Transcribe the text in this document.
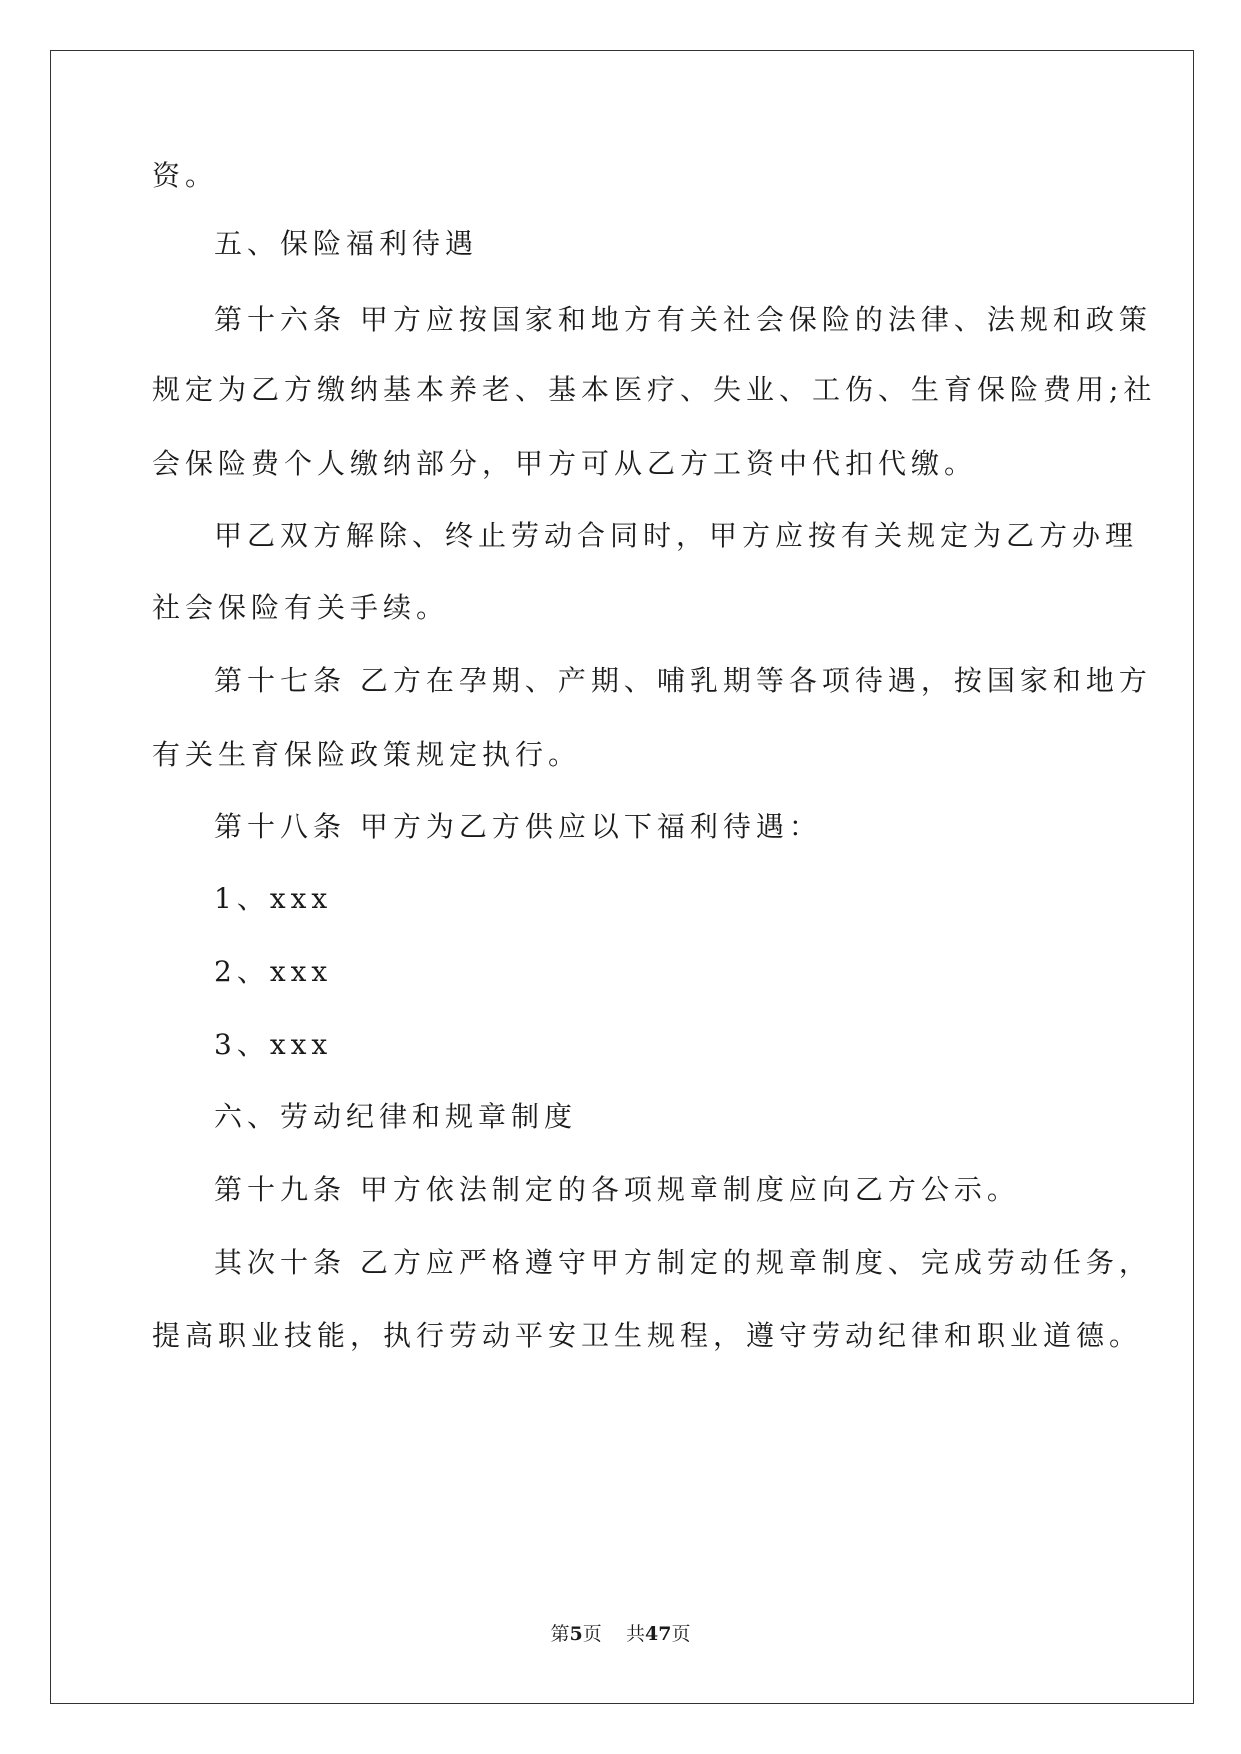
资。
五、保险福利待遇
第十六条 甲方应按国家和地方有关社会保险的法律、法规和政策
规定为乙方缴纳基本养老、基本医疗、失业、工伤、生育保险费用;社
会保险费个人缴纳部分，甲方可从乙方工资中代扣代缴。
甲乙双方解除、终止劳动合同时，甲方应按有关规定为乙方办理
社会保险有关手续。
第十七条 乙方在孕期、产期、哺乳期等各项待遇，按国家和地方
有关生育保险政策规定执行。
第十八条 甲方为乙方供应以下福利待遇：
1、xxx
2、xxx
3、xxx
六、劳动纪律和规章制度
第十九条 甲方依法制定的各项规章制度应向乙方公示。
其次十条 乙方应严格遵守甲方制定的规章制度、完成劳动任务，
提高职业技能，执行劳动平安卫生规程，遵守劳动纪律和职业道德。
第5页 共47页
